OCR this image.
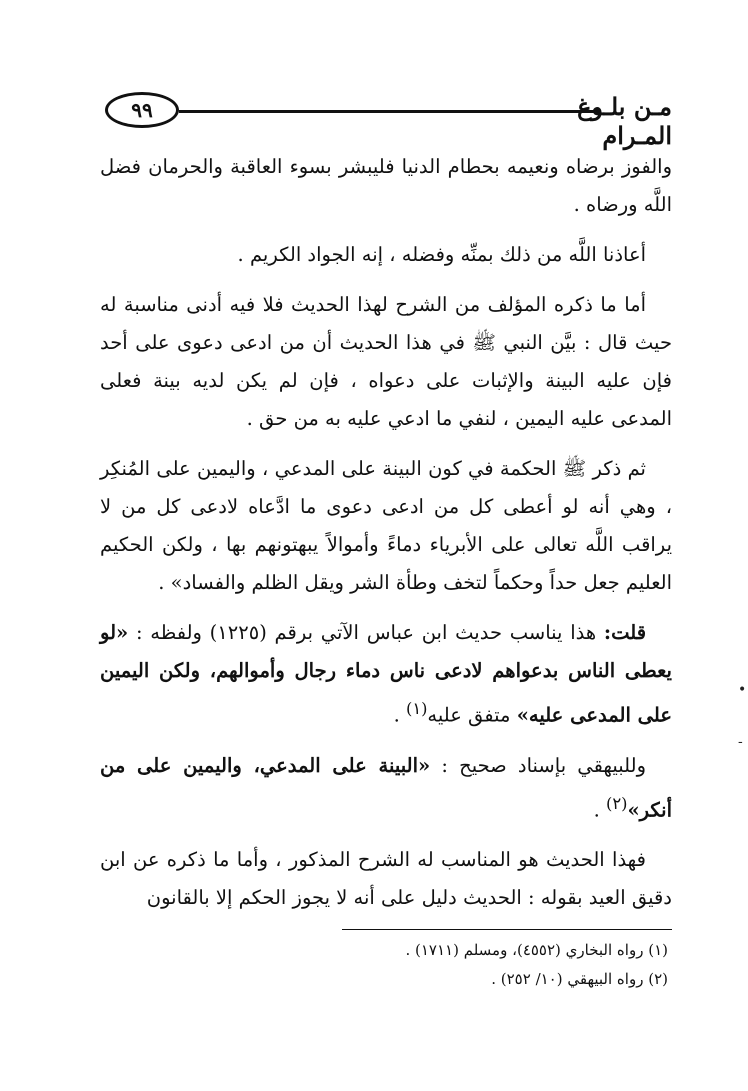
٩٩	مـن بلـوغ المـرام

والفوز برضاه ونعيمه بحطام الدنيا فليبشر بسوء العاقبة والحرمان فضل اللَّه ورضاه .

أعاذنا اللَّه من ذلك بمنِّه وفضله ، إنه الجواد الكريم .

أما ما ذكره المؤلف من الشرح لهذا الحديث فلا فيه أدنى مناسبة له حيث قال : بيَّن النبي ﷺ في هذا الحديث أن من ادعى دعوى على أحد فإن عليه البينة والإثبات على دعواه ، فإن لم يكن لديه بينة فعلى المدعى عليه اليمين ، لنفي ما ادعي عليه به من حق .

ثم ذكر ﷺ الحكمة في كون البينة على المدعي ، واليمين على المُنكِر ، وهي أنه لو أعطى كل من ادعى دعوى ما ادَّعاه لادعى كل من لا يراقب اللَّه تعالى على الأبرياء دماءً وأموالاً يبهتونهم بها ، ولكن الحكيم العليم جعل حداً وحكماً لتخف وطأة الشر ويقل الظلم والفساد» .

قلت: هذا يناسب حديث ابن عباس الآتي برقم (١٢٢٥) ولفظه : «لو يعطى الناس بدعواهم لادعى ناس دماء رجال وأموالهم، ولكن اليمين على المدعى عليه» متفق عليه$^{(١)}$ .

وللبيهقي بإسناد صحيح : «البينة على المدعي، واليمين على من أنكر»$^{(٢)}$ .

فهذا الحديث هو المناسب له الشرح المذكور ، وأما ما ذكره عن ابن دقيق العيد بقوله : الحديث دليل على أنه لا يجوز الحكم إلا بالقانون

(١) رواه البخاري (٤٥٥٢)، ومسلم (١٧١١) .
(٢) رواه البيهقي (١٠/ ٢٥٢) .
•
-
